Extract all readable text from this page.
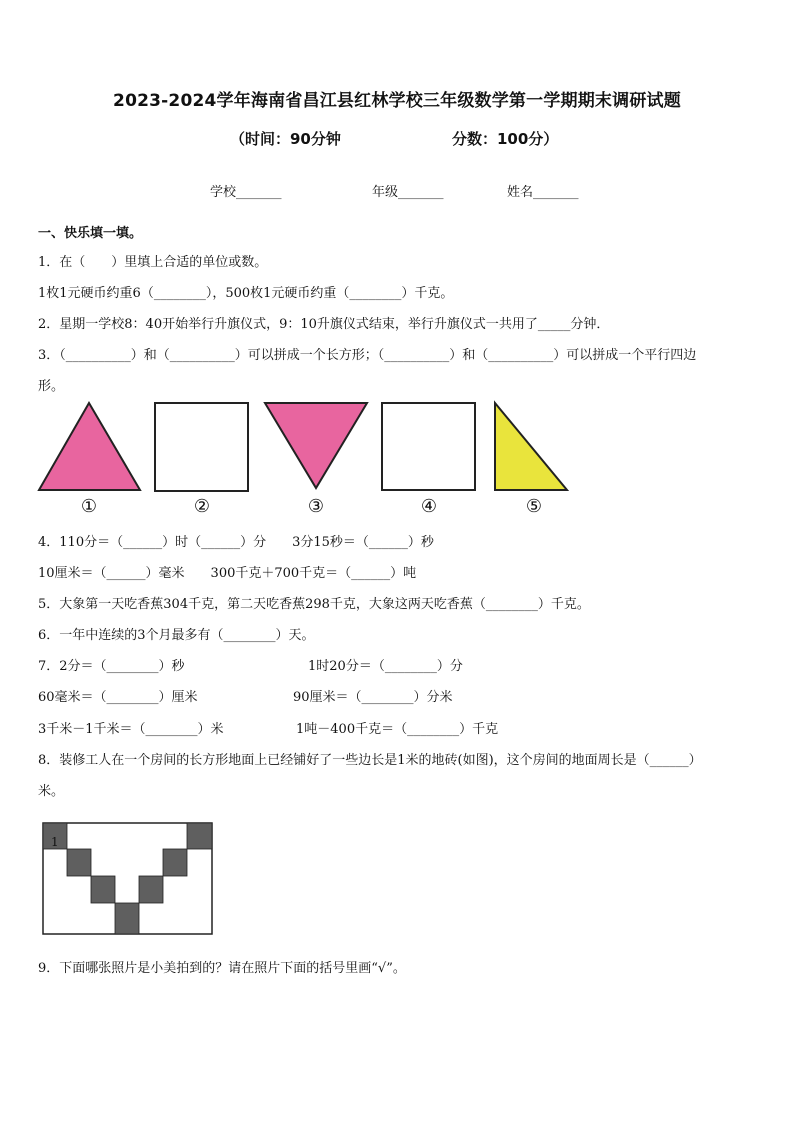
2023-2024学年海南省昌江县红林学校三年级数学第一学期期末调研试题
（时间：90分钟	分数：100分）
学校_______	年级_______	姓名_______
一、快乐填一填。
1．在（　　）里填上合适的单位或数。
1枚1元硬币约重6（________），500枚1元硬币约重（________）千克。
2．星期一学校8：40开始举行升旗仪式，9：10升旗仪式结束，举行升旗仪式一共用了_____分钟．
3．（__________）和（__________）可以拼成一个长方形；（__________）和（__________）可以拼成一个平行四边
形。
①	②	③	④	⑤
4．110分＝（______）时（______）分　　3分15秒＝（______）秒
10厘米＝（______）毫米　　300千克＋700千克＝（______）吨
5．大象第一天吃香蕉304千克，第二天吃香蕉298千克，大象这两天吃香蕉（________）千克。
6．一年中连续的3个月最多有（________）天。
7．2分＝（________）秒	1时20分＝（________）分
60毫米＝（________）厘米	90厘米＝（________）分米
3千米－1千米＝（________）米	1吨－400千克＝（________）千克
8．装修工人在一个房间的长方形地面上已经铺好了一些边长是1米的地砖(如图)，这个房间的地面周长是（______）
米。
1
9．下面哪张照片是小美拍到的？请在照片下面的括号里画“√”。
